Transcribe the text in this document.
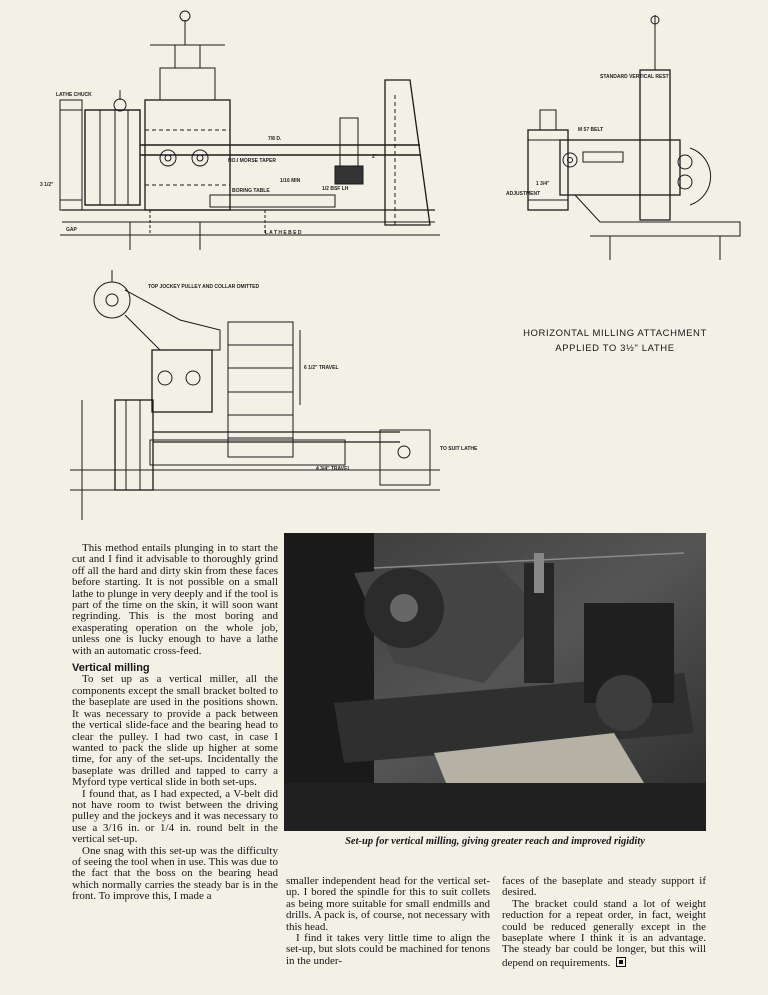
LATHE CHUCK
7/8 D.
2"
NO.I MORSE TAPER
1/16 MIN
1/2 BSF LH
BORING TABLE
3 1/2"
GAP	L A T H E B E D
STANDARD VERTICAL REST
M 57 BELT
1 3/4"
ADJUSTMENT
TOP JOCKEY PULLEY AND COLLAR OMITTED
6 1/2" TRAVEL
4 3/4" TRAVEL
TO SUIT LATHE
HORIZONTAL MILLING ATTACHMENT
APPLIED TO 3½" LATHE
Set-up for vertical milling, giving greater reach and improved rigidity

This method entails plunging in to start the cut and I find it advisable to thoroughly grind off all the hard and dirty skin from these faces before starting. It is not possible on a small lathe to plunge in very deeply and if the tool is part of the time on the skin, it will soon want regrinding. This is the most boring and exasperating operation on the whole job, unless one is lucky enough to have a lathe with an automatic cross-feed.

Vertical milling

To set up as a vertical miller, all the components except the small bracket bolted to the baseplate are used in the positions shown. It was necessary to provide a pack between the vertical slide-face and the bearing head to clear the pulley. I had two cast, in case I wanted to pack the slide up higher at some time, for any of the set-ups. Incidentally the baseplate was drilled and tapped to carry a Myford type vertical slide in both set-ups.

I found that, as I had expected, a V-belt did not have room to twist between the driving pulley and the jockeys and it was necessary to use a 3/16 in. or 1/4 in. round belt in the vertical set-up.

One snag with this set-up was the difficulty of seeing the tool when in use. This was due to the fact that the boss on the bearing head which normally carries the steady bar is in the front. To improve this, I made a

smaller independent head for the vertical set-up. I bored the spindle for this to suit collets as being more suitable for small endmills and drills. A pack is, of course, not necessary with this head.

I find it takes very little time to align the set-up, but slots could be machined for tenons in the under-

faces of the baseplate and steady support if desired.

The bracket could stand a lot of weight reduction for a repeat order, in fact, weight could be reduced generally except in the baseplate where I think it is an advantage. The steady bar could be longer, but this will depend on requirements.
